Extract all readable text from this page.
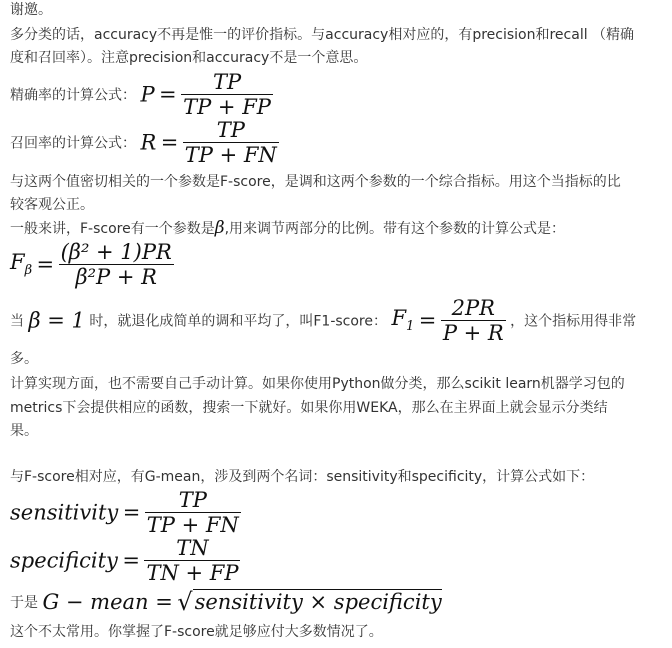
谢邀。
多分类的话，accuracy不再是惟一的评价指标。与accuracy相对应的，有precision和recall （精确
度和召回率）。注意precision和accuracy不是一个意思。
精确率的计算公式： $P = \frac{TP}{TP + FP}$
召回率的计算公式： $R = \frac{TP}{TP + FN}$
与这两个值密切相关的一个参数是F-score，是调和这两个参数的一个综合指标。用这个当指标的比
较客观公正。
一般来讲，F-score有一个参数是β,用来调节两部分的比例。带有这个参数的计算公式是：
$F_\beta = \frac{\text{(β² + 1)PR}}{\text{β²P + R}}$
当 β = 1 时，就退化成简单的调和平均了，叫F1-score： $F_1 = \frac{2PR}{P + R}$ ，这个指标用得非常
多。
计算实现方面，也不需要自己手动计算。如果你使用Python做分类，那么scikit learn机器学习包的
metrics下会提供相应的函数，搜索一下就好。如果你用WEKA，那么在主界面上就会显示分类结
果。
与F-score相对应，有G-mean，涉及到两个名词：sensitivity和specificity，计算公式如下：
sensitivity = $\frac{TP}{TP + FN}$
specificity = $\frac{TN}{TN + FP}$
于是 G − mean = √sensitivity × specificity
这个不太常用。你掌握了F-score就足够应付大多数情况了。
